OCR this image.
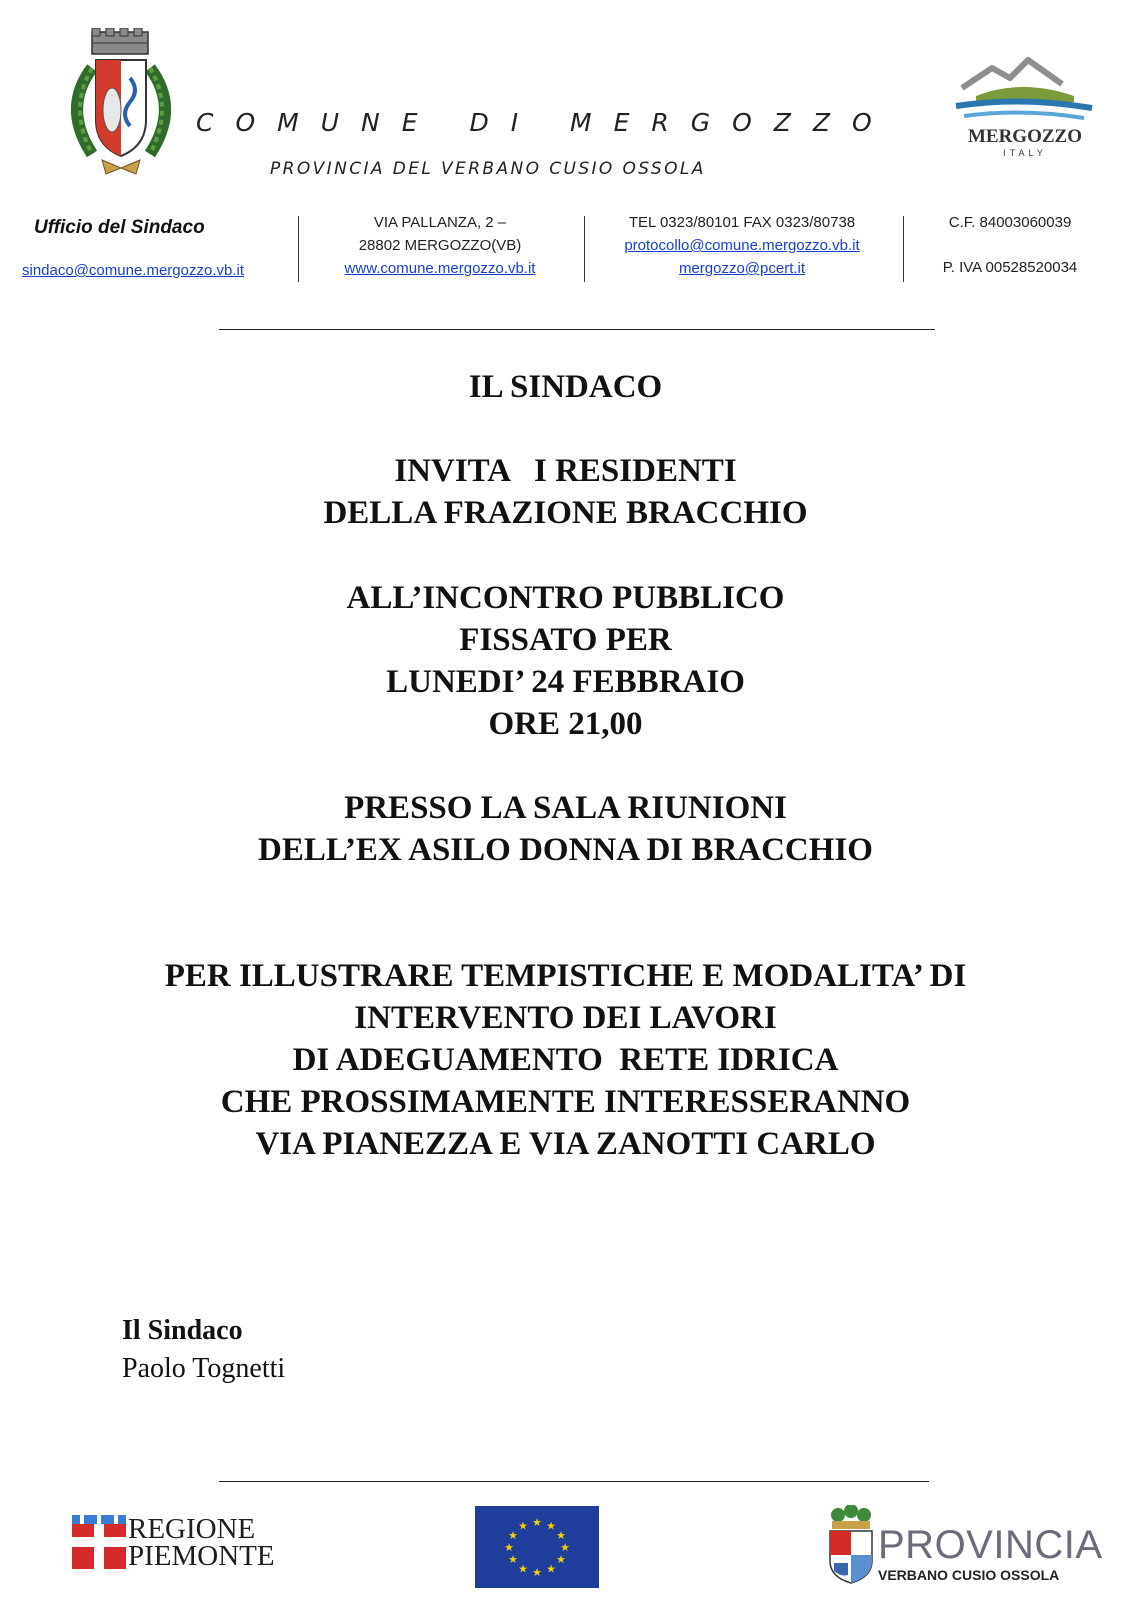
COMUNE DI MERGOZZO
PROVINCIA DEL VERBANO CUSIO OSSOLA
MERGOZZO
ITALY
Ufficio del Sindaco
sindaco@comune.mergozzo.vb.it
VIA PALLANZA, 2 –
28802 MERGOZZO(VB)
www.comune.mergozzo.vb.it
TEL 0323/80101 FAX 0323/80738
protocollo@comune.mergozzo.vb.it
mergozzo@pcert.it
C.F. 84003060039
P. IVA 00528520034
IL SINDACO
INVITA   I RESIDENTI
DELLA FRAZIONE BRACCHIO
ALL’INCONTRO PUBBLICO
FISSATO PER
LUNEDI’ 24 FEBBRAIO
ORE 21,00
PRESSO LA SALA RIUNIONI
DELL’EX ASILO DONNA DI BRACCHIO
PER ILLUSTRARE TEMPISTICHE E MODALITA’ DI
INTERVENTO DEI LAVORI
DI ADEGUAMENTO  RETE IDRICA
CHE PROSSIMAMENTE INTERESSERANNO
VIA PIANEZZA E VIA ZANOTTI CARLO
Il Sindaco
Paolo Tognetti
REGIONE
PIEMONTE
★ ★
★
★
★
★
★
★
★
★
★
★	PROVINCIA
VERBANO CUSIO OSSOLA
